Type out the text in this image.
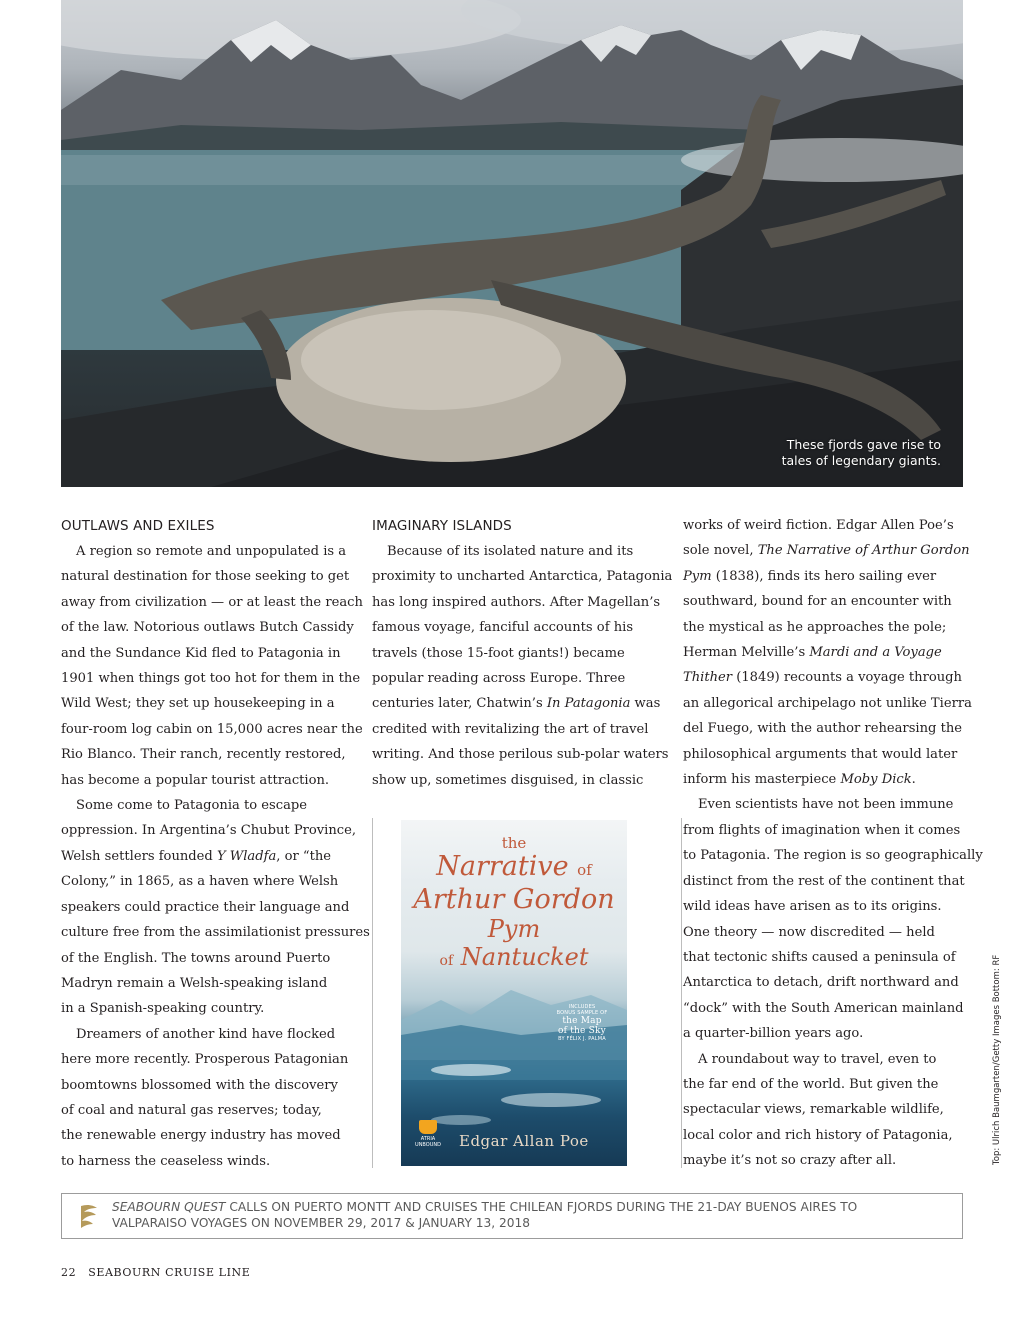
These fjords gave rise to
tales of legendary giants.
OUTLAWS AND EXILES

A region so remote and unpopulated is a
natural destination for those seeking to get
away from civilization — or at least the reach
of the law. Notorious outlaws Butch Cassidy
and the Sundance Kid fled to Patagonia in
1901 when things got too hot for them in the
Wild West; they set up housekeeping in a
four-room log cabin on 15,000 acres near the
Rio Blanco. Their ranch, recently restored,
has become a popular tourist attraction.

Some come to Patagonia to escape
oppression. In Argentina’s Chubut Province,
Welsh settlers founded Y Wladfa, or “the
Colony,” in 1865, as a haven where Welsh
speakers could practice their language and
culture free from the assimilationist pressures
of the English. The towns around Puerto
Madryn remain a Welsh-speaking island
in a Spanish-speaking country.

Dreamers of another kind have flocked
here more recently. Prosperous Patagonian
boomtowns blossomed with the discovery
of coal and natural gas reserves; today,
the renewable energy industry has moved
to harness the ceaseless winds.

IMAGINARY ISLANDS

Because of its isolated nature and its
proximity to uncharted Antarctica, Patagonia
has long inspired authors. After Magellan’s
famous voyage, fanciful accounts of his
travels (those 15-foot giants!) became
popular reading across Europe. Three
centuries later, Chatwin’s In Patagonia was
credited with revitalizing the art of travel
writing. And those perilous sub-polar waters
show up, sometimes disguised, in classic

the
Narrative of
Arthur Gordon
Pym
of Nantucket
INCLUDES
BONUS SAMPLE OF
the Map
of the Sky
BY FÉLIX J. PALMA
ATRIA
UNBOUND Edgar Allan Poe

works of weird fiction. Edgar Allen Poe’s
sole novel, The Narrative of Arthur Gordon
Pym (1838), finds its hero sailing ever
southward, bound for an encounter with
the mystical as he approaches the pole;
Herman Melville’s Mardi and a Voyage
Thither (1849) recounts a voyage through
an allegorical archipelago not unlike Tierra
del Fuego, with the author rehearsing the
philosophical arguments that would later
inform his masterpiece Moby Dick.

Even scientists have not been immune
from flights of imagination when it comes
to Patagonia. The region is so geographically
distinct from the rest of the continent that
wild ideas have arisen as to its origins.
One theory — now discredited — held
that tectonic shifts caused a peninsula of
Antarctica to detach, drift northward and
“dock” with the South American mainland
a quarter-billion years ago.

A roundabout way to travel, even to
the far end of the world. But given the
spectacular views, remarkable wildlife,
local color and rich history of Patagonia,
maybe it’s not so crazy after all.	Top: Ulrich Baumgarten/Getty Images Bottom: RF
SEABOURN QUEST CALLS ON PUERTO MONTT AND CRUISES THE CHILEAN FJORDS DURING THE 21-DAY BUENOS AIRES TO
VALPARAISO VOYAGES ON NOVEMBER 29, 2017 & JANUARY 13, 2018
22 SEABOURN CRUISE LINE
